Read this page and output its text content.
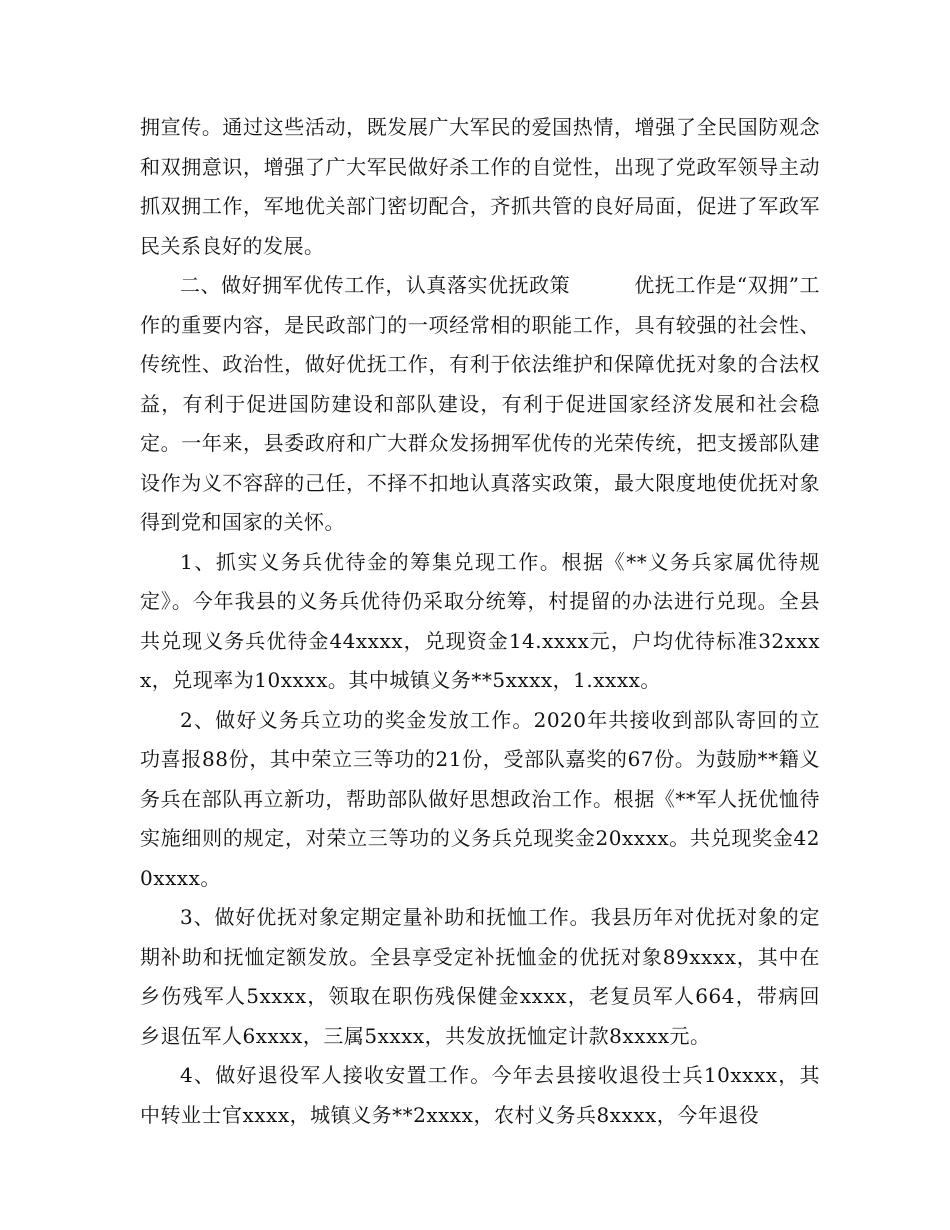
拥宣传。通过这些活动，既发展广大军民的爱国热情，增强了全民国防观念和双拥意识，增强了广大军民做好杀工作的自觉性，出现了党政军领导主动抓双拥工作，军地优关部门密切配合，齐抓共管的良好局面，促进了军政军民关系良好的发展。

二、做好拥军优传工作，认真落实优抚政策	优抚工作是“双拥”工作的重要内容，是民政部门的一项经常相的职能工作，具有较强的社会性、传统性、政治性，做好优抚工作，有利于依法维护和保障优抚对象的合法权益，有利于促进国防建设和部队建设，有利于促进国家经济发展和社会稳定。一年来，县委政府和广大群众发扬拥军优传的光荣传统，把支援部队建设作为义不容辞的己任，不择不扣地认真落实政策，最大限度地使优抚对象得到党和国家的关怀。

1、抓实义务兵优待金的筹集兑现工作。根据《**义务兵家属优待规定》。今年我县的义务兵优待仍采取分统筹，村提留的办法进行兑现。全县共兑现义务兵优待金44xxxx，兑现资金14.xxxx元，户均优待标准32xxxx，兑现率为10xxxx。其中城镇义务**5xxxx，1.xxxx。

2、做好义务兵立功的奖金发放工作。2020年共接收到部队寄回的立功喜报88份，其中荣立三等功的21份，受部队嘉奖的67份。为鼓励**籍义务兵在部队再立新功，帮助部队做好思想政治工作。根据《**军人抚优恤待实施细则的规定，对荣立三等功的义务兵兑现奖金20xxxx。共兑现奖金420xxxx。

3、做好优抚对象定期定量补助和抚恤工作。我县历年对优抚对象的定期补助和抚恤定额发放。全县享受定补抚恤金的优抚对象89xxxx，其中在乡伤残军人5xxxx，领取在职伤残保健金xxxx，老复员军人664，带病回乡退伍军人6xxxx，三属5xxxx，共发放抚恤定计款8xxxx元。

4、做好退役军人接收安置工作。今年去县接收退役士兵10xxxx，其中转业士官xxxx，城镇义务**2xxxx，农村义务兵8xxxx，今年退役
